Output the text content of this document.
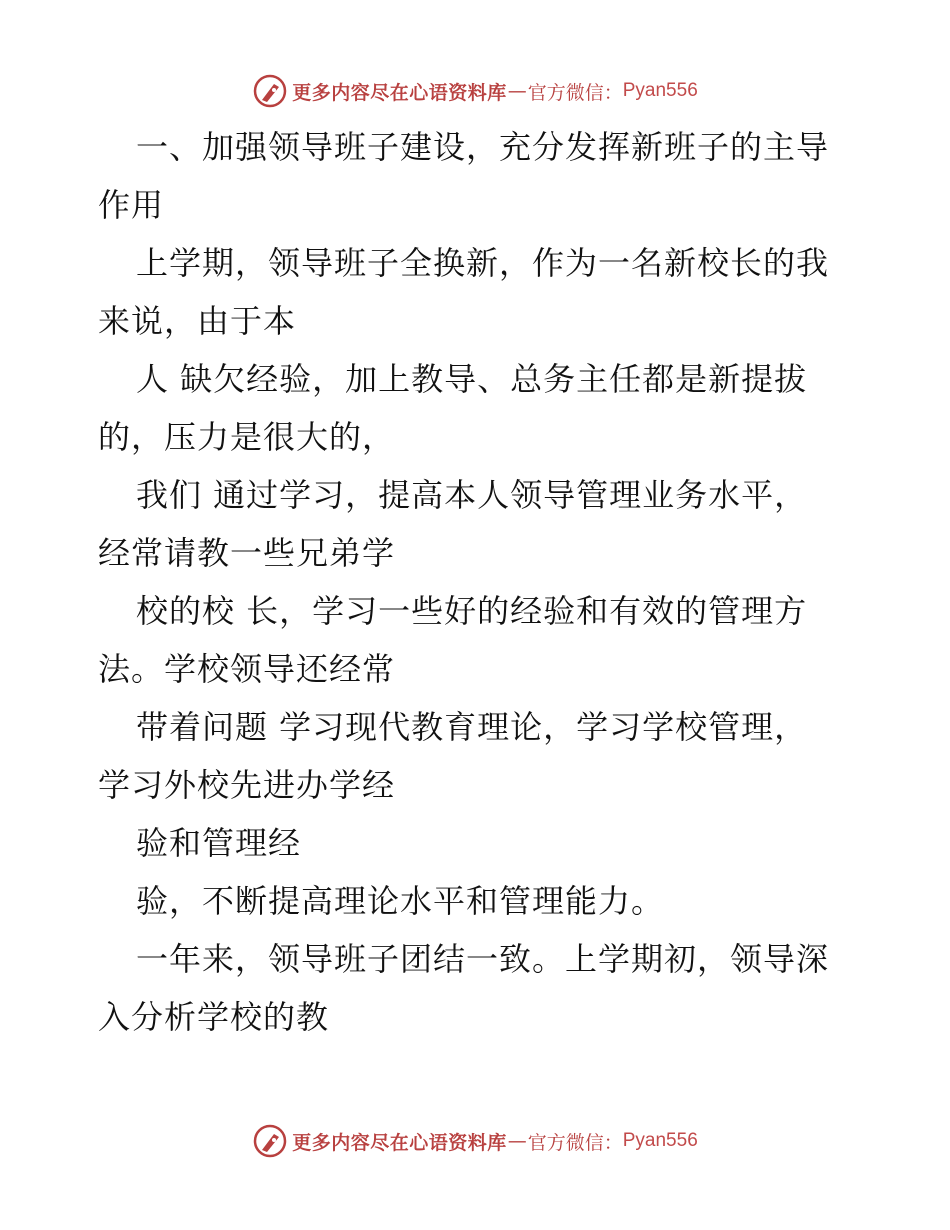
更多内容尽在心语资料库 — 官方微信： Pyan556

一、加强领导班子建设，充分发挥新班子的主导
作用

上学期，领导班子全换新，作为一名新校长的我
来说，由于本

人 缺欠经验，加上教导、总务主任都是新提拔
的，压力是很大的，

我们 通过学习，提高本人领导管理业务水平，
经常请教一些兄弟学

校的校 长，学习一些好的经验和有效的管理方
法。学校领导还经常

带着问题 学习现代教育理论，学习学校管理，
学习外校先进办学经

验和管理经

验，不断提高理论水平和管理能力。

一年来，领导班子团结一致。上学期初，领导深
入分析学校的教

更多内容尽在心语资料库 — 官方微信： Pyan556
